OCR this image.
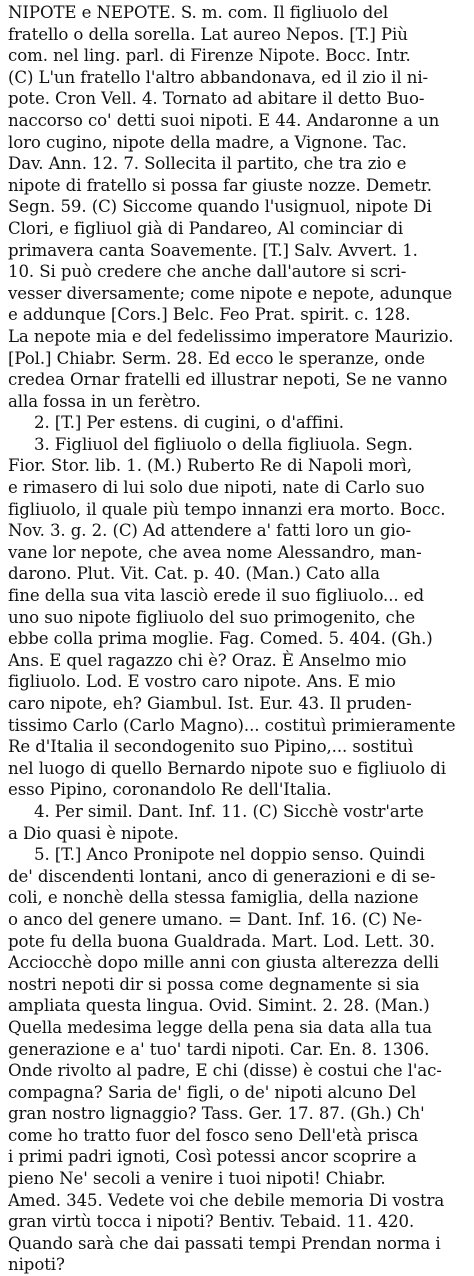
NIPOTE e NEPOTE. S. m. com. Il figliuolo del
fratello o della sorella. Lat aureo Nepos. [T.] Più
com. nel ling. parl. di Firenze Nipote. Bocc. Intr.
(C) L'un fratello l'altro abbandonava, ed il zio il ni-
pote. Cron Vell. 4. Tornato ad abitare il detto Buo-
naccorso co' detti suoi nipoti. E 44. Andaronne a un
loro cugino, nipote della madre, a Vignone. Tac.
Dav. Ann. 12. 7. Sollecita il partito, che tra zio e
nipote di fratello si possa far giuste nozze. Demetr.
Segn. 59. (C) Siccome quando l'usignuol, nipote Di
Clori, e figliuol già di Pandareo, Al cominciar di
primavera canta Soavemente. [T.] Salv. Avvert. 1.
10. Si può credere che anche dall'autore si scri-
vesser diversamente; come nipote e nepote, adunque
e addunque [Cors.] Belc. Feo Prat. spirit. c. 128.
La nepote mia e del fedelissimo imperatore Maurizio.
[Pol.] Chiabr. Serm. 28. Ed ecco le speranze, onde
credea Ornar fratelli ed illustrar nepoti, Se ne vanno
alla fossa in un ferètro.
2. [T.] Per estens. di cugini, o d'affini.
3. Figliuol del figliuolo o della figliuola. Segn.
Fior. Stor. lib. 1. (M.) Ruberto Re di Napoli morì,
e rimasero di lui solo due nipoti, nate di Carlo suo
figliuolo, il quale più tempo innanzi era morto. Bocc.
Nov. 3. g. 2. (C) Ad attendere a' fatti loro un gio-
vane lor nepote, che avea nome Alessandro, man-
darono. Plut. Vit. Cat. p. 40. (Man.) Cato alla
fine della sua vita lasciò erede il suo figliuolo... ed
uno suo nipote figliuolo del suo primogenito, che
ebbe colla prima moglie. Fag. Comed. 5. 404. (Gh.)
Ans. E quel ragazzo chi è? Oraz. È Anselmo mio
figliuolo. Lod. E vostro caro nipote. Ans. E mio
caro nipote, eh? Giambul. Ist. Eur. 43. Il pruden-
tissimo Carlo (Carlo Magno)... costituì primieramente
Re d'Italia il secondogenito suo Pipino,... sostituì
nel luogo di quello Bernardo nipote suo e figliuolo di
esso Pipino, coronandolo Re dell'Italia.
4. Per simil. Dant. Inf. 11. (C) Sicchè vostr'arte
a Dio quasi è nipote.
5. [T.] Anco Pronipote nel doppio senso. Quindi
de' discendenti lontani, anco di generazioni e di se-
coli, e nonchè della stessa famiglia, della nazione
o anco del genere umano. = Dant. Inf. 16. (C) Ne-
pote fu della buona Gualdrada. Mart. Lod. Lett. 30.
Acciocchè dopo mille anni con giusta alterezza delli
nostri nepoti dir si possa come degnamente si sia
ampliata questa lingua. Ovid. Simint. 2. 28. (Man.)
Quella medesima legge della pena sia data alla tua
generazione e a' tuo' tardi nipoti. Car. En. 8. 1306.
Onde rivolto al padre, E chi (disse) è costui che l'ac-
compagna? Saria de' figli, o de' nipoti alcuno Del
gran nostro lignaggio? Tass. Ger. 17. 87. (Gh.) Ch'
come ho tratto fuor del fosco seno Dell'età prisca
i primi padri ignoti, Così potessi ancor scoprire a
pieno Ne' secoli a venire i tuoi nipoti! Chiabr.
Amed. 345. Vedete voi che debile memoria Di vostra
gran virtù tocca i nipoti? Bentiv. Tebaid. 11. 420.
Quando sarà che dai passati tempi Prendan norma i
nipoti?
